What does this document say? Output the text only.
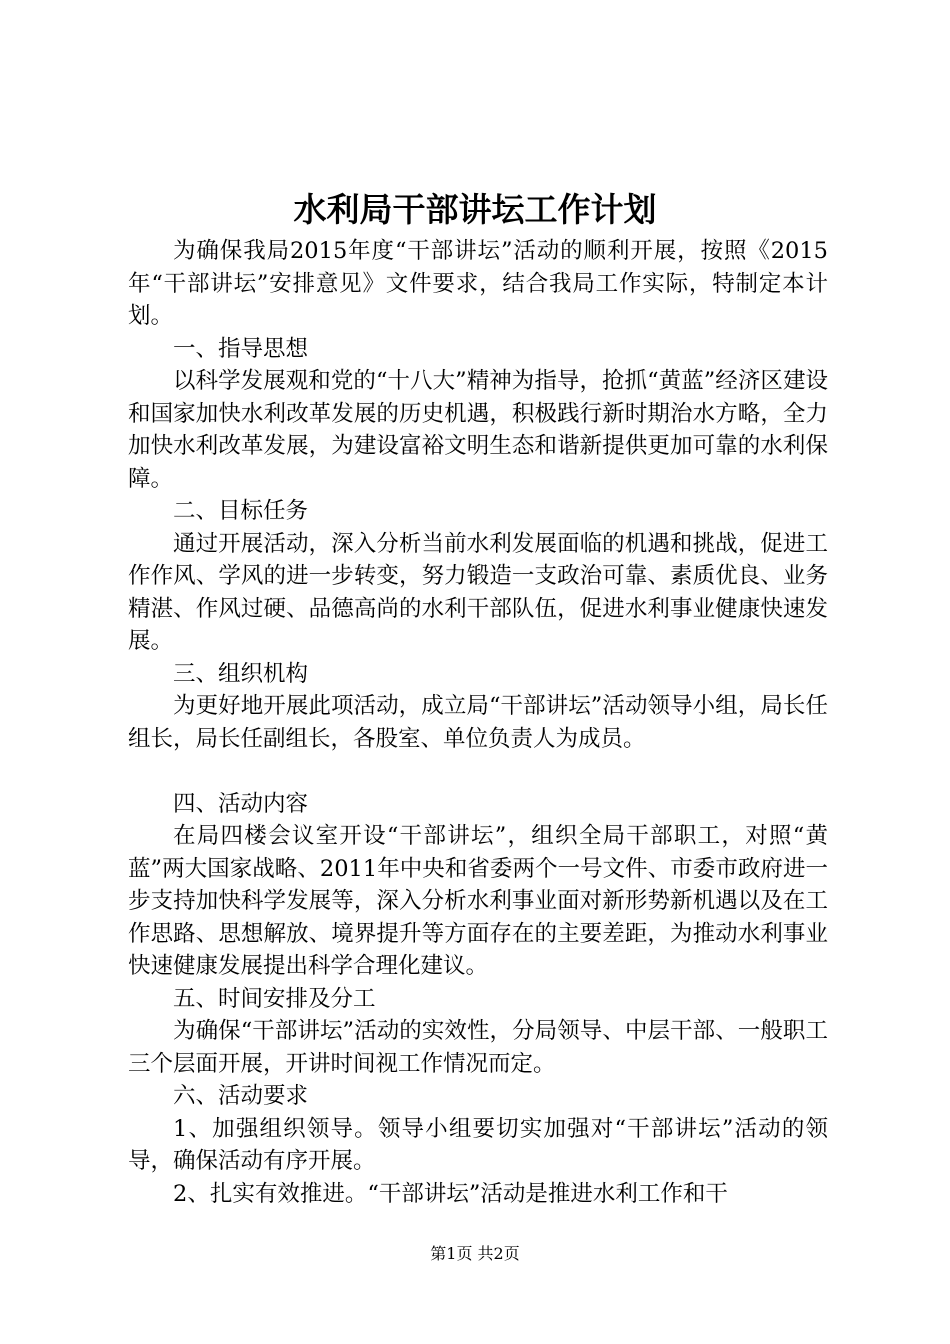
水利局干部讲坛工作计划

为确保我局2015年度“干部讲坛”活动的顺利开展，按照《2015年“干部讲坛”安排意见》文件要求，结合我局工作实际，特制定本计划。

一、指导思想

以科学发展观和党的“十八大”精神为指导，抢抓“黄蓝”经济区建设和国家加快水利改革发展的历史机遇，积极践行新时期治水方略，全力加快水利改革发展，为建设富裕文明生态和谐新提供更加可靠的水利保障。

二、目标任务

通过开展活动，深入分析当前水利发展面临的机遇和挑战，促进工作作风、学风的进一步转变，努力锻造一支政治可靠、素质优良、业务精湛、作风过硬、品德高尚的水利干部队伍，促进水利事业健康快速发展。

三、组织机构

为更好地开展此项活动，成立局“干部讲坛”活动领导小组，局长任组长，局长任副组长，各股室、单位负责人为成员。

四、活动内容

在局四楼会议室开设“干部讲坛”，组织全局干部职工，对照“黄蓝”两大国家战略、2011年中央和省委两个一号文件、市委市政府进一步支持加快科学发展等，深入分析水利事业面对新形势新机遇以及在工作思路、思想解放、境界提升等方面存在的主要差距，为推动水利事业快速健康发展提出科学合理化建议。

五、时间安排及分工

为确保“干部讲坛”活动的实效性，分局领导、中层干部、一般职工三个层面开展，开讲时间视工作情况而定。

六、活动要求

1、加强组织领导。领导小组要切实加强对“干部讲坛”活动的领导，确保活动有序开展。

2、扎实有效推进。“干部讲坛”活动是推进水利工作和干

第1页 共2页
